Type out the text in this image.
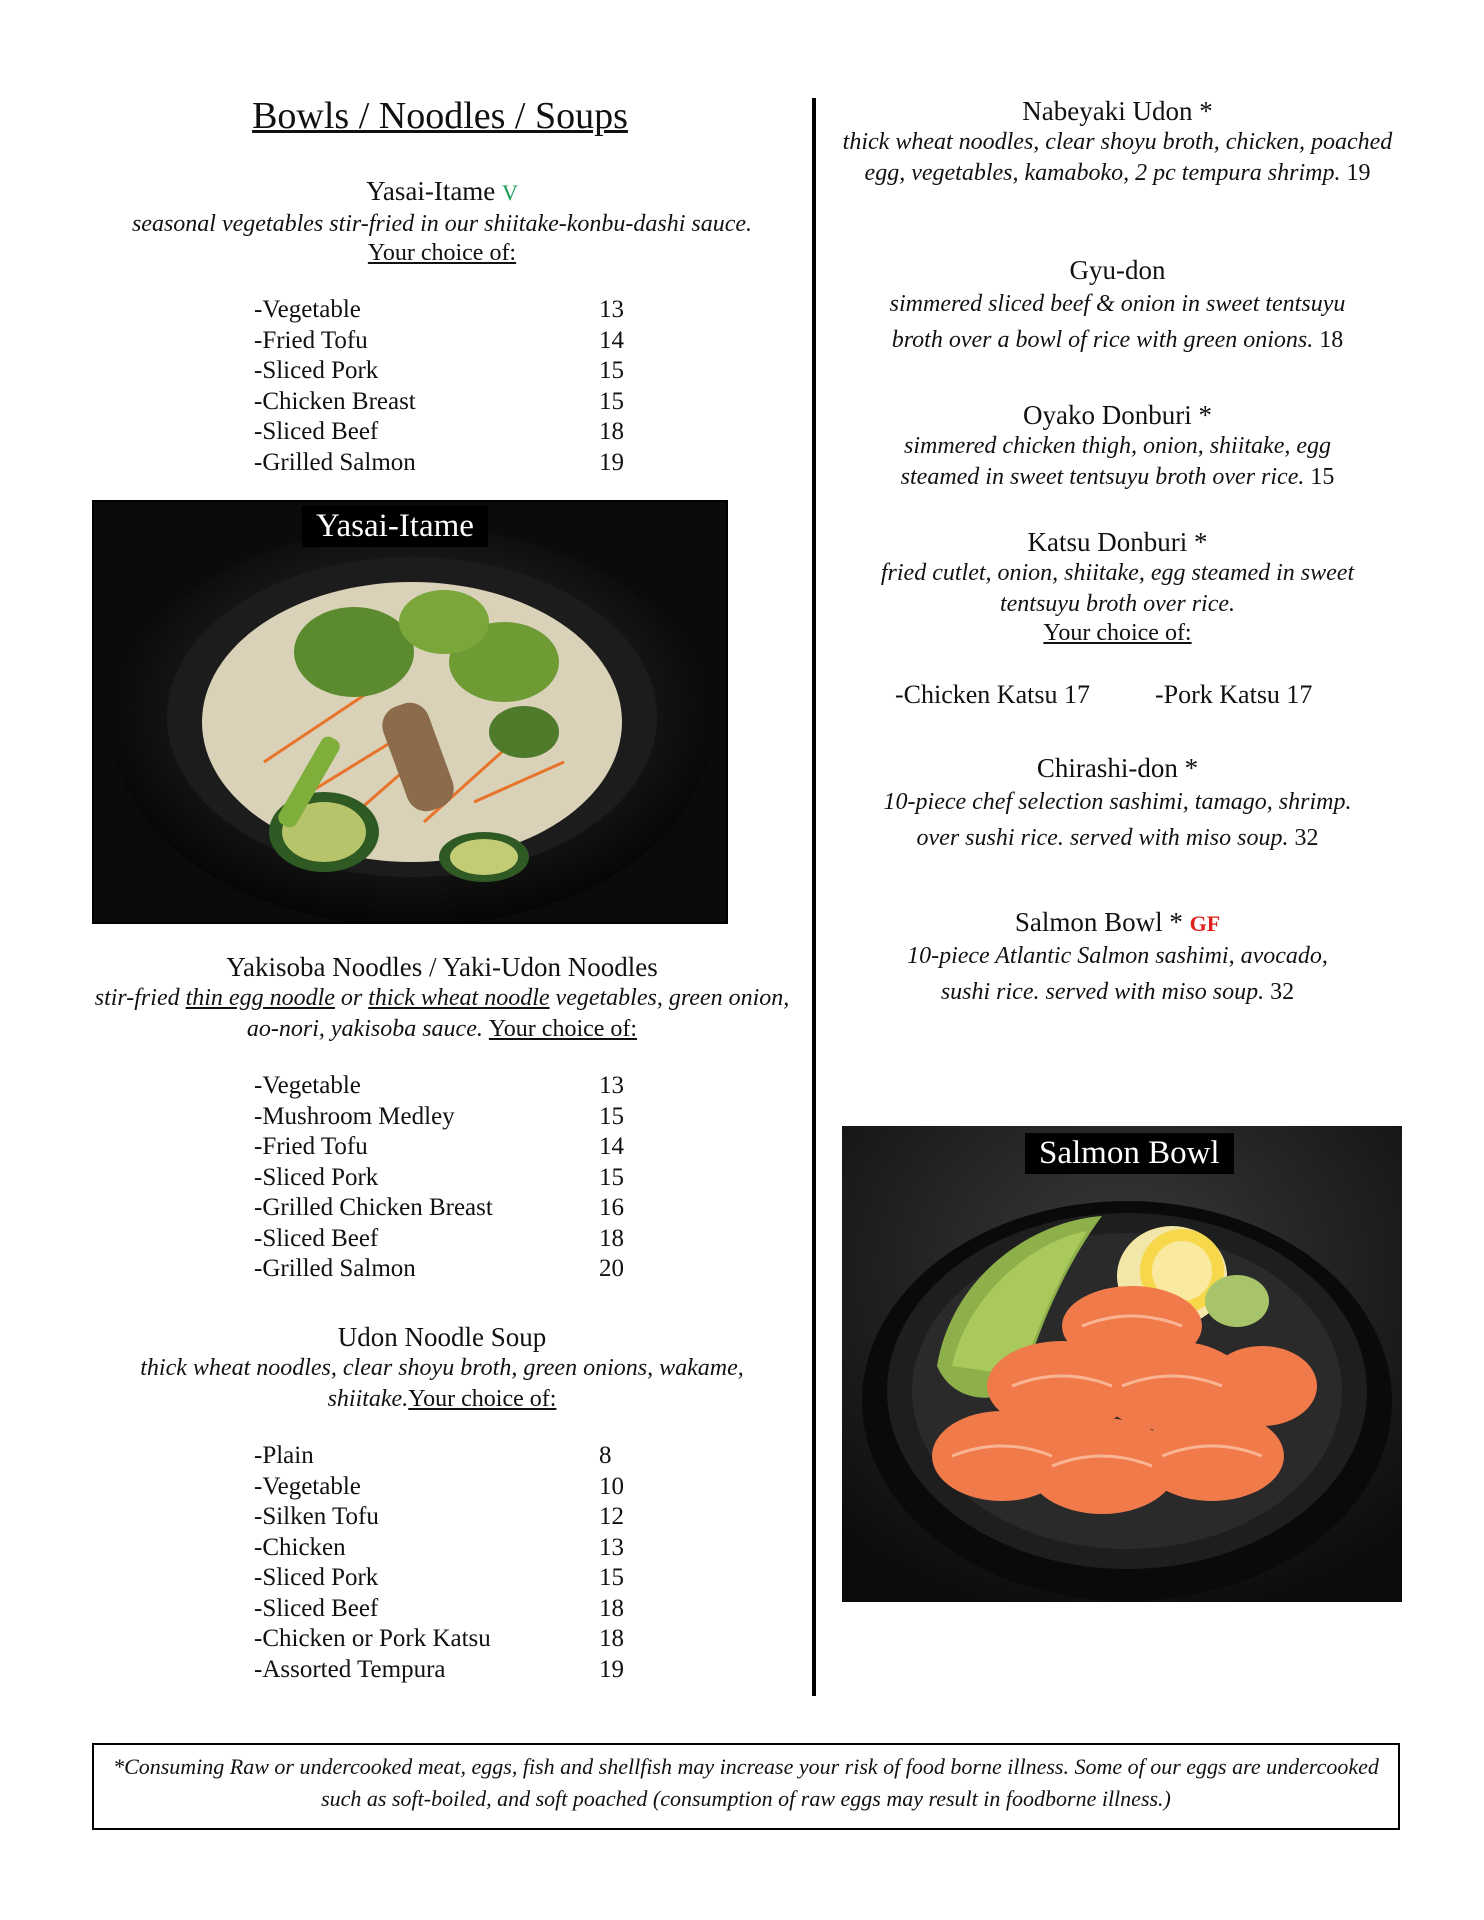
Bowls / Noodles / Soups
Yasai-Itame V
seasonal vegetables stir-fried in our shiitake-konbu-dashi sauce.
Your choice of:
-Vegetable	13
-Fried Tofu	14
-Sliced Pork	15
-Chicken Breast	15
-Sliced Beef	18
-Grilled Salmon	19
Yasai-Itame
Yakisoba Noodles / Yaki-Udon Noodles
stir-fried thin egg noodle or thick wheat noodle vegetables, green onion, ao-nori, yakisoba sauce. Your choice of:
-Vegetable	13
-Mushroom Medley	15
-Fried Tofu	14
-Sliced Pork	15
-Grilled Chicken Breast	16
-Sliced Beef	18
-Grilled Salmon	20
Udon Noodle Soup
thick wheat noodles, clear shoyu broth, green onions, wakame, shiitake.Your choice of:
-Plain	8
-Vegetable	10
-Silken Tofu	12
-Chicken	13
-Sliced Pork	15
-Sliced Beef	18
-Chicken or Pork Katsu	18
-Assorted Tempura	19
Nabeyaki Udon *
thick wheat noodles, clear shoyu broth, chicken, poached egg, vegetables, kamaboko, 2 pc tempura shrimp. 19
Gyu-don
simmered sliced beef & onion in sweet tentsuyu
broth over a bowl of rice with green onions. 18
Oyako Donburi *
simmered chicken thigh, onion, shiitake, egg
steamed in sweet tentsuyu broth over rice. 15
Katsu Donburi *
fried cutlet, onion, shiitake, egg steamed in sweet tentsuyu broth over rice.
Your choice of:
-Chicken Katsu 17	-Pork Katsu 17
Chirashi-don *
10-piece chef selection sashimi, tamago, shrimp.
over sushi rice. served with miso soup. 32
Salmon Bowl * GF
10-piece Atlantic Salmon sashimi, avocado,
sushi rice. served with miso soup. 32
Salmon Bowl
*Consuming Raw or undercooked meat, eggs, fish and shellfish may increase your risk of food borne illness. Some of our eggs are undercooked such as soft-boiled, and soft poached (consumption of raw eggs may result in foodborne illness.)
